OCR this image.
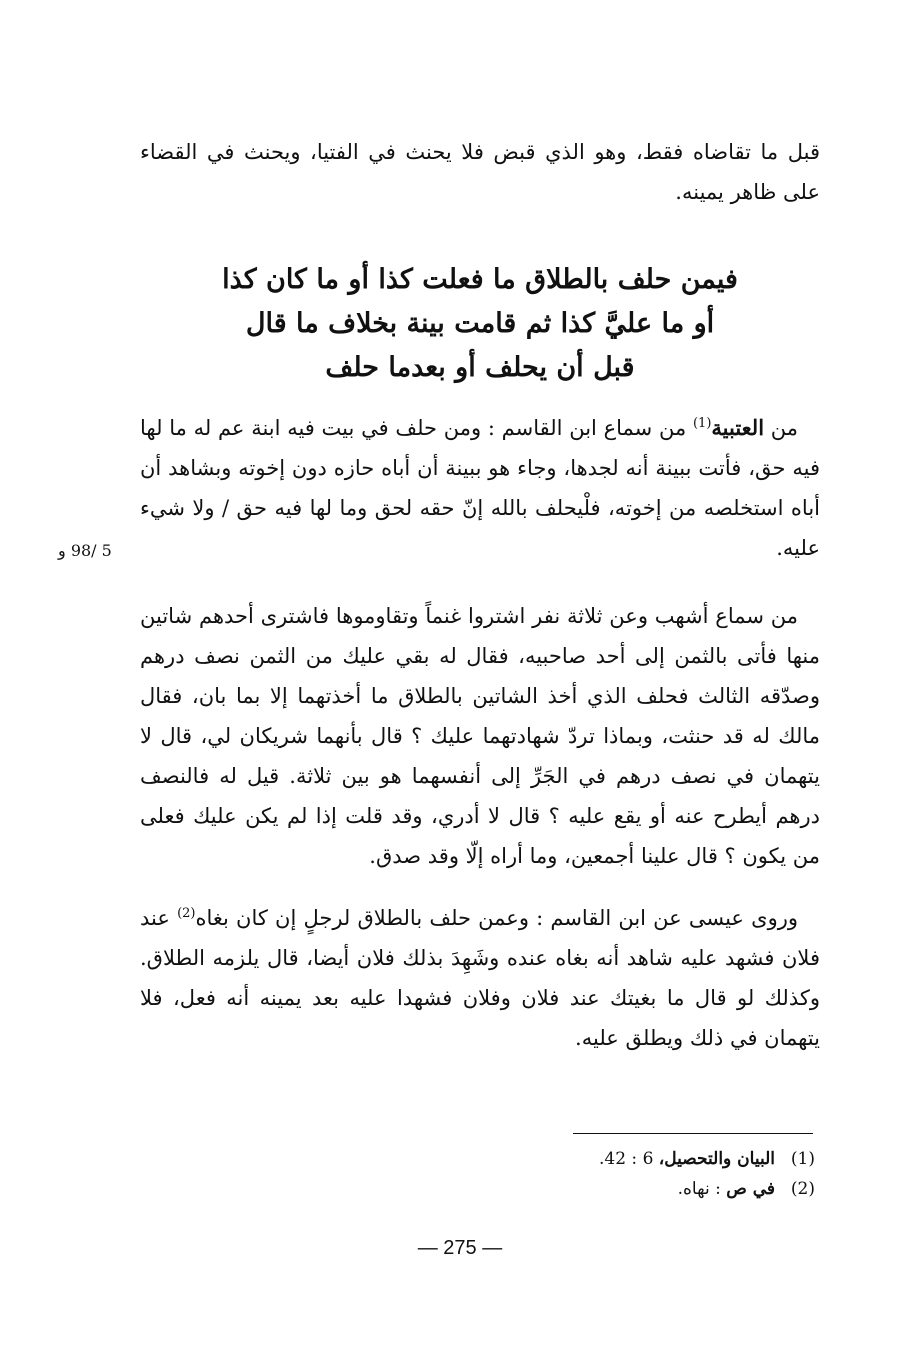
قبل ما تقاضاه فقط، وهو الذي قبض فلا يحنث في الفتيا، ويحنث في القضاء على ظاهر يمينه.

فيمن حلف بالطلاق ما فعلت كذا أو ما كان كذا
أو ما عليَّ كذا ثم قامت بينة بخلاف ما قال
قبل أن يحلف أو بعدما حلف

من العتبية$^{(1)}$ من سماع ابن القاسم : ومن حلف في بيت فيه ابنة عم له ما لها فيه حق، فأتت ببينة أنه لجدها، وجاء هو ببينة أن أباه حازه دون إخوته وبشاهد أن أباه استخلصه من إخوته، فلْيحلف بالله إنّ حقه لحق وما لها فيه حق / ولا شيء عليه.

5 /98 و

من سماع أشهب وعن ثلاثة نفر اشتروا غنماً وتقاوموها فاشترى أحدهم شاتين منها فأتى بالثمن إلى أحد صاحبيه، فقال له بقي عليك من الثمن نصف درهم وصدّقه الثالث فحلف الذي أخذ الشاتين بالطلاق ما أخذتهما إلا بما بان، فقال مالك له قد حنثت، وبماذا تردّ شهادتهما عليك ؟ قال بأنهما شريكان لي، قال لا يتهمان في نصف درهم في الجَرِّ إلى أنفسهما هو بين ثلاثة. قيل له فالنصف درهم أيطرح عنه أو يقع عليه ؟ قال لا أدري، وقد قلت إذا لم يكن عليك فعلى من يكون ؟ قال علينا أجمعين، وما أراه إلّا وقد صدق.

وروى عيسى عن ابن القاسم : وعمن حلف بالطلاق لرجلٍ إن كان بغاه$^{(2)}$ عند فلان فشهد عليه شاهد أنه بغاه عنده وشَهِدَ بذلك فلان أيضا، قال يلزمه الطلاق. وكذلك لو قال ما بغيتك عند فلان وفلان فشهدا عليه بعد يمينه أنه فعل، فلا يتهمان في ذلك ويطلق عليه.

(1)البيان والتحصيل، 6 : 42.
(2)في ص : نهاه.
— 275 —
